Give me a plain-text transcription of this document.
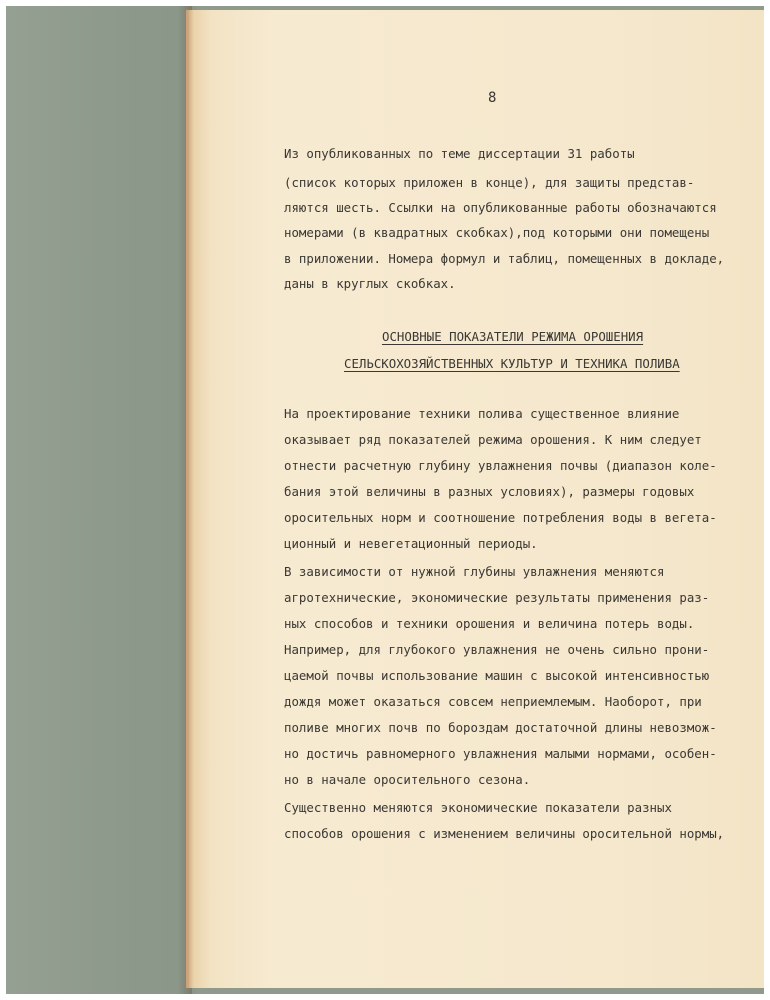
8
Из опубликованных по теме диссертации 31 работы
(список которых приложен в конце), для защиты представ-
ляются шесть. Ссылки на опубликованные работы обозначаются
номерами (в квадратных скобках),под которыми они помещены
в приложении. Номера формул и таблиц, помещенных в докладе,
даны в круглых скобках.
ОСНОВНЫЕ ПОКАЗАТЕЛИ РЕЖИМА ОРОШЕНИЯ
СЕЛЬСКОХОЗЯЙСТВЕННЫХ КУЛЬТУР И ТЕХНИКА ПОЛИВА
На проектирование техники полива существенное влияние
оказывает ряд показателей режима орошения. К ним следует
отнести расчетную глубину увлажнения почвы (диапазон коле-
бания этой величины в разных условиях), размеры годовых
оросительных норм и соотношение потребления воды в вегета-
ционный и невегетационный периоды.
В зависимости от нужной глубины увлажнения меняются
агротехнические, экономические результаты применения раз-
ных способов и техники орошения и величина потерь воды.
Например, для глубокого увлажнения не очень сильно прони-
цаемой почвы использование машин с высокой интенсивностью
дождя может оказаться совсем неприемлемым. Наоборот, при
поливе многих почв по бороздам достаточной длины невозмож-
но достичь равномерного увлажнения малыми нормами, особен-
но в начале оросительного сезона.
Существенно меняются экономические показатели разных
способов орошения с изменением величины оросительной нормы,
